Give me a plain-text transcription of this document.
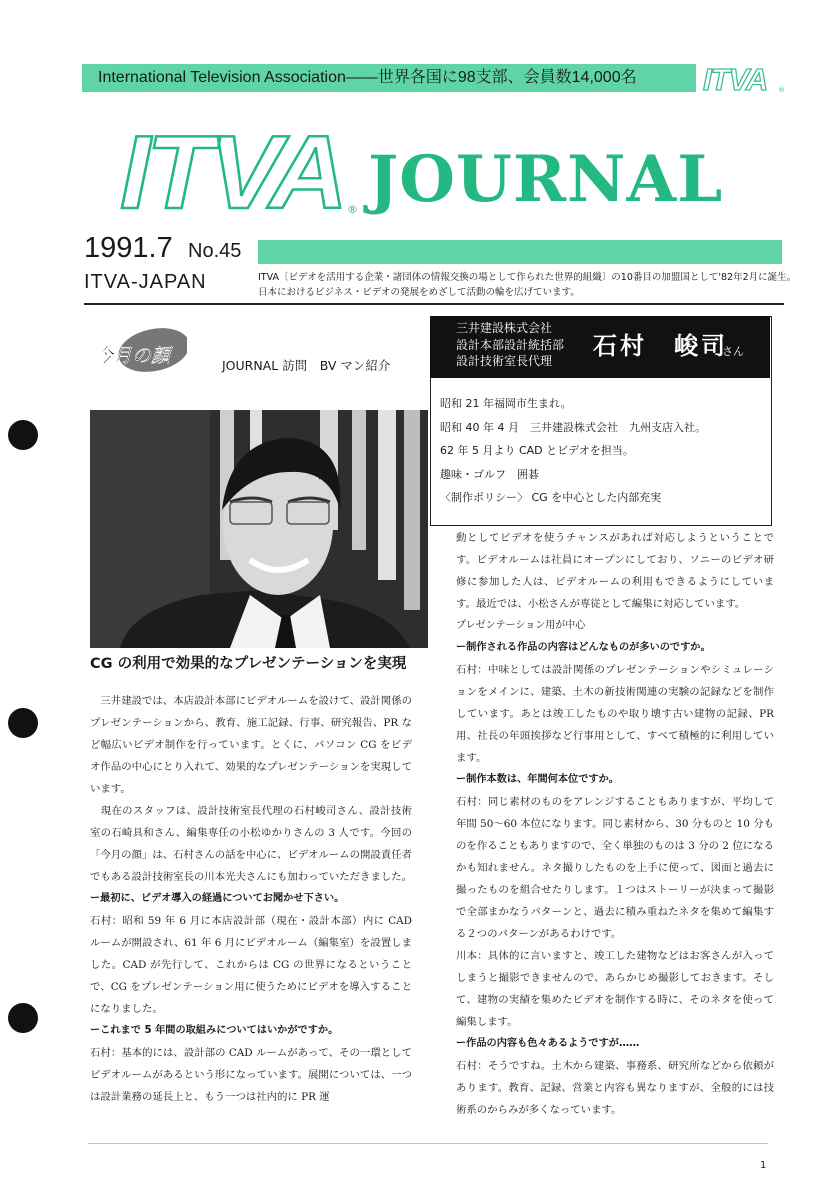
International Television Association――世界各国に98支部、会員数14,000名 ITVA ®
ITVA ® JOURNAL
1991.7 No.45
ITVA-JAPAN	ITVA〔ビデオを活用する企業・諸団体の情報交換の場として作られた世界的組織〕の10番目の加盟国として'82年2月に誕生。日本におけるビジネス・ビデオの発展をめざして活動の輪を広げています。
今月の顔	JOURNAL 訪問　BV マン紹介
CG の利用で効果的なプレゼンテーションを実現
三井建設株式会社
設計本部設計統括部
設計技術室長代理
石村　峻司
さん
昭和 21 年福岡市生まれ。
昭和 40 年 4 月　三井建設株式会社　九州支店入社。
62 年 5 月より CAD とビデオを担当。
趣味・ゴルフ　囲碁
〈制作ポリシー〉 CG を中心とした内部充実

　三井建設では、本店設計本部にビデオルームを設けて、設計関係のプレゼンテーションから、教育、施工記録、行事、研究報告、PR など幅広いビデオ制作を行っています。とくに、パソコン CG をビデオ作品の中心にとり入れて、効果的なプレゼンテーションを実現しています。

　現在のスタッフは、設計技術室長代理の石村峻司さん、設計技術室の石崎具和さん、編集専任の小松ゆかりさんの 3 人です。今回の「今月の顔」は、石村さんの話を中心に、ビデオルームの開設責任者でもある設計技術室長の川本光夫さんにも加わっていただきました。

ー最初に、ビデオ導入の経過についてお聞かせ下さい。

石村：昭和 59 年 6 月に本店設計部（現在・設計本部）内に CAD ルームが開設され、61 年 6 月にビデオルーム（編集室）を設置しました。CAD が先行して、これからは CG の世界になるということで、CG をプレゼンテーション用に使うためにビデオを導入することになりました。

ーこれまで 5 年間の取組みについてはいかがですか。

石村：基本的には、設計部の CAD ルームがあって、その一環としてビデオルームがあるという形になっています。展開については、一つは設計業務の延長上と、もう一つは社内的に PR 運

動としてビデオを使うチャンスがあれば対応しようということです。ビデオルームは社員にオープンにしており、ソニーのビデオ研修に参加した人は、ビデオルームの利用もできるようにしています。最近では、小松さんが専従として編集に対応しています。

プレゼンテーション用が中心

ー制作される作品の内容はどんなものが多いのですか。

石村：中味としては設計関係のプレゼンテーションやシミュレーションをメインに、建築、土木の新技術関連の実験の記録などを制作しています。あとは竣工したものや取り壊す古い建物の記録、PR 用、社長の年頭挨拶など行事用として、すべて積極的に利用しています。

ー制作本数は、年間何本位ですか。

石村：同じ素材のものをアレンジすることもありますが、平均して年間 50〜60 本位になります。同じ素材から、30 分ものと 10 分ものを作ることもありますので、全く単独のものは 3 分の 2 位になるかも知れません。ネタ撮りしたものを上手に使って、図面と過去に撮ったものを組合せたりします。１つはストーリーが決まって撮影で全部まかなうパターンと、過去に積み重ねたネタを集めて編集する２つのパターンがあるわけです。

川本：具体的に言いますと、竣工した建物などはお客さんが入ってしまうと撮影できませんので、あらかじめ撮影しておきます。そして、建物の実績を集めたビデオを制作する時に、そのネタを使って編集します。

ー作品の内容も色々あるようですが……

石村：そうですね。土木から建築、事務系、研究所などから依頼があります。教育、記録、営業と内容も異なりますが、全般的には技術系のからみが多くなっています。

1
